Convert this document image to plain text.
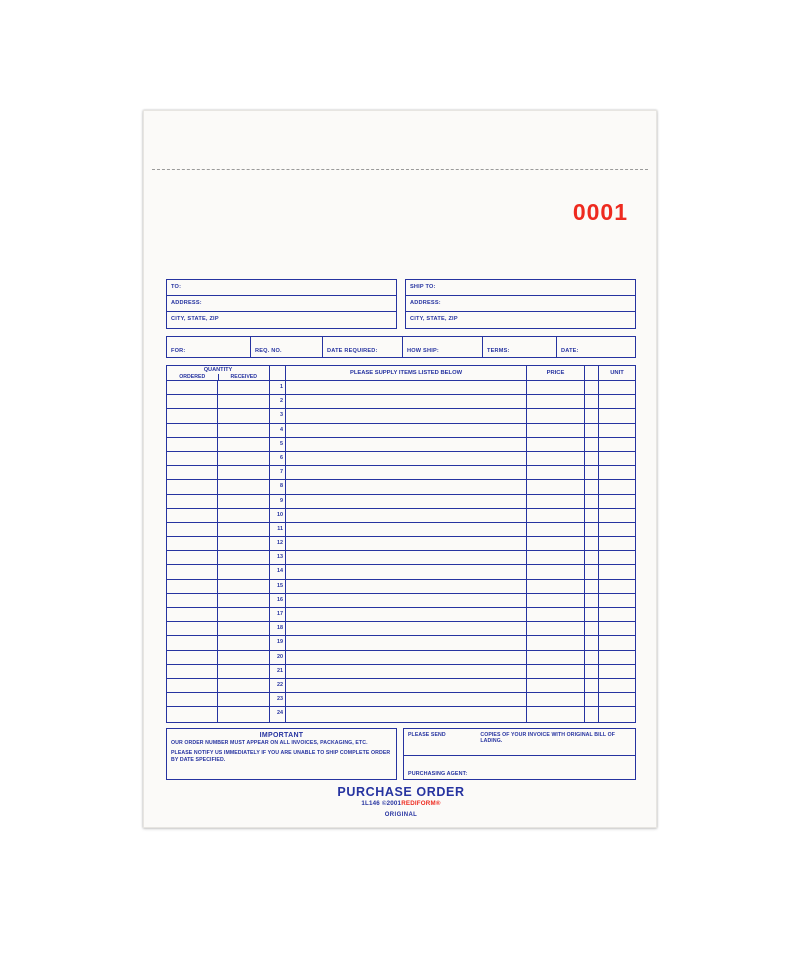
0001
TO:
ADDRESS:
CITY, STATE, ZIP
SHIP TO:
ADDRESS:
CITY, STATE, ZIP
FOR:	REQ. NO.	DATE REQUIRED:	HOW SHIP:	TERMS:	DATE:
QUANTITY
ORDERED	RECEIVED
PLEASE SUPPLY ITEMS LISTED BELOW	PRICE	UNIT
1
2
3
4
5
6
7
8
9
10
11
12
13
14
15
16
17
18
19
20
21
22
23
24
IMPORTANT
OUR ORDER NUMBER MUST APPEAR ON ALL INVOICES, PACKAGING, ETC.
PLEASE NOTIFY US IMMEDIATELY IF YOU ARE UNABLE TO SHIP COMPLETE ORDER BY DATE SPECIFIED.
PLEASE SEND	COPIES OF YOUR INVOICE WITH ORIGINAL BILL OF LADING.
PURCHASING AGENT:
PURCHASE ORDER
1L146 ©2001REDIFORM®
ORIGINAL
